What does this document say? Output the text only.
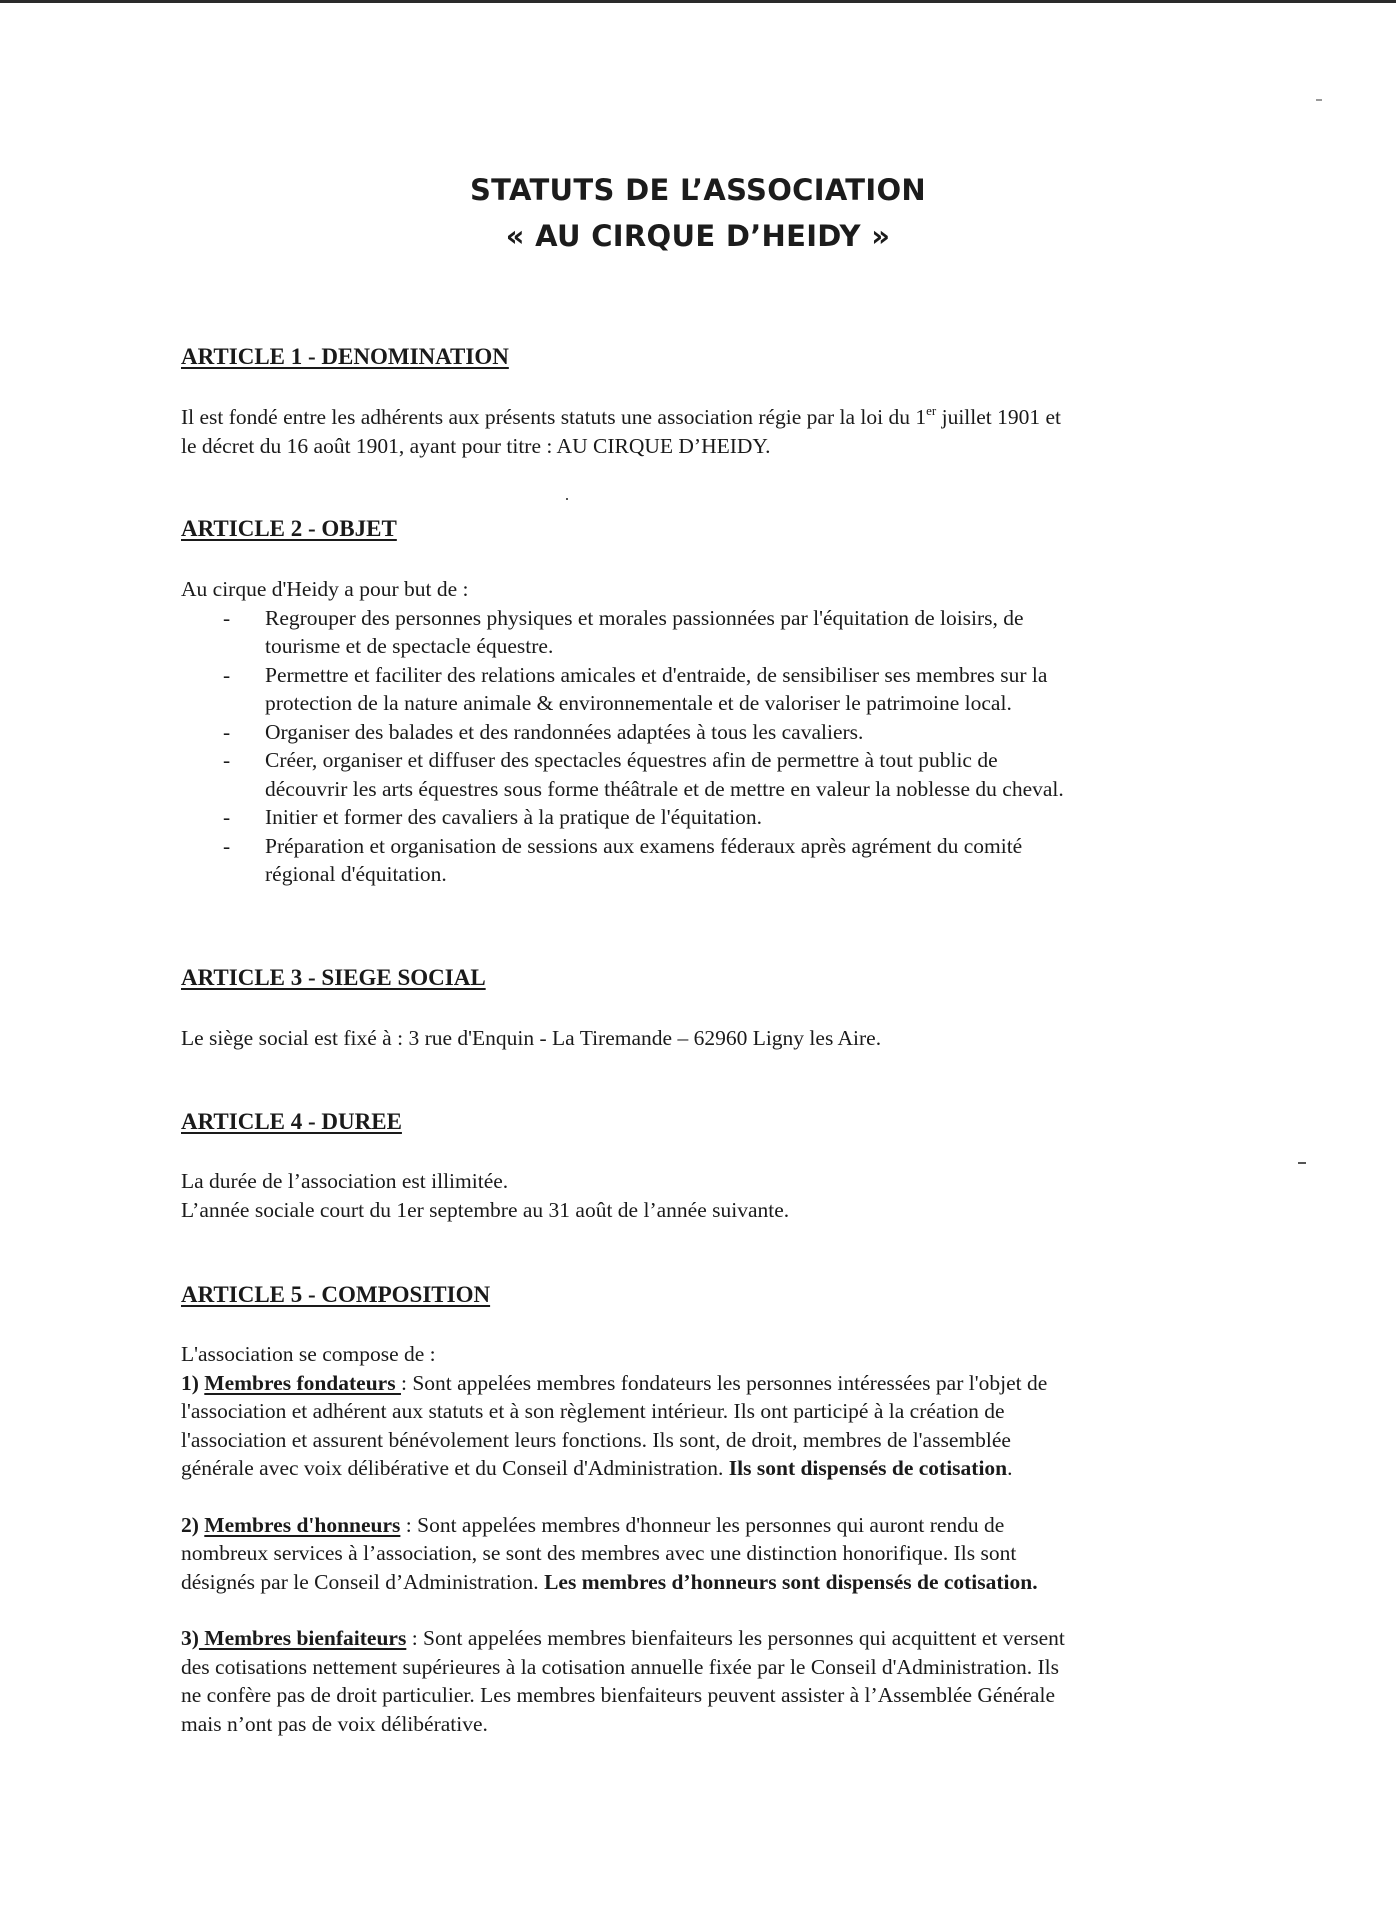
STATUTS DE L’ASSOCIATION
« AU CIRQUE D’HEIDY »
ARTICLE 1 - DENOMINATION

Il est fondé entre les adhérents aux présents statuts une association régie par la loi du 1er juillet 1901 et

le décret du 16 août 1901, ayant pour titre : AU CIRQUE D’HEIDY.

ARTICLE 2 - OBJET

Au cirque d'Heidy a pour but de :

- Regrouper des personnes physiques et morales passionnées par l'équitation de loisirs, de
tourisme et de spectacle équestre.
- Permettre et faciliter des relations amicales et d'entraide, de sensibiliser ses membres sur la
protection de la nature animale & environnementale et de valoriser le patrimoine local.
- Organiser des balades et des randonnées adaptées à tous les cavaliers.
- Créer, organiser et diffuser des spectacles équestres afin de permettre à tout public de
découvrir les arts équestres sous forme théâtrale et de mettre en valeur la noblesse du cheval.
- Initier et former des cavaliers à la pratique de l'équitation.
- Préparation et organisation de sessions aux examens féderaux après agrément du comité
régional d'équitation.
ARTICLE 3 - SIEGE SOCIAL

Le siège social est fixé à : 3 rue d'Enquin - La Tiremande – 62960 Ligny les Aire.

ARTICLE 4 - DUREE

La durée de l’association est illimitée.

L’année sociale court du 1er septembre au 31 août de l’année suivante.

ARTICLE 5 - COMPOSITION

L'association se compose de :

1) Membres fondateurs : Sont appelées membres fondateurs les personnes intéressées par l'objet de

l'association et adhérent aux statuts et à son règlement intérieur. Ils ont participé à la création de

l'association et assurent bénévolement leurs fonctions. Ils sont, de droit, membres de l'assemblée

générale avec voix délibérative et du Conseil d'Administration. Ils sont dispensés de cotisation.

2) Membres d'honneurs : Sont appelées membres d'honneur les personnes qui auront rendu de

nombreux services à l’association, se sont des membres avec une distinction honorifique. Ils sont

désignés par le Conseil d’Administration. Les membres d’honneurs sont dispensés de cotisation.

3) Membres bienfaiteurs : Sont appelées membres bienfaiteurs les personnes qui acquittent et versent

des cotisations nettement supérieures à la cotisation annuelle fixée par le Conseil d'Administration. Ils

ne confère pas de droit particulier. Les membres bienfaiteurs peuvent assister à l’Assemblée Générale

mais n’ont pas de voix délibérative.
